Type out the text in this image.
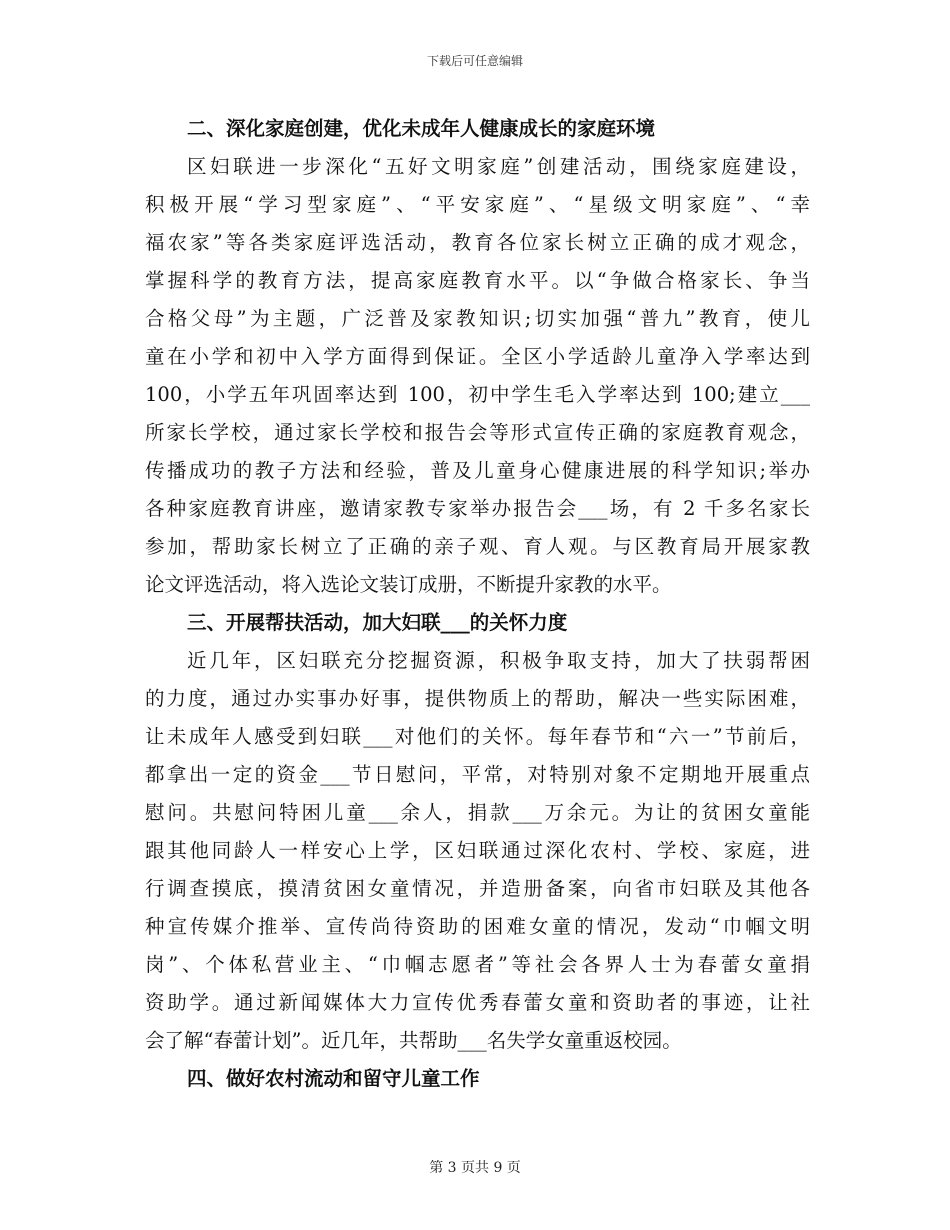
下载后可任意编辑
二、深化家庭创建，优化未成年人健康成长的家庭环境
区妇联进一步深化“五好文明家庭”创建活动，围绕家庭建设，
积极开展“学习型家庭”、“平安家庭”、“星级文明家庭”、“幸
福农家”等各类家庭评选活动，教育各位家长树立正确的成才观念，
掌握科学的教育方法，提高家庭教育水平。以“争做合格家长、争当
合格父母”为主题，广泛普及家教知识;切实加强“普九”教育，使儿
童在小学和初中入学方面得到保证。全区小学适龄儿童净入学率达到
100，小学五年巩固率达到 100，初中学生毛入学率达到 100;建立___
所家长学校，通过家长学校和报告会等形式宣传正确的家庭教育观念，
传播成功的教子方法和经验，普及儿童身心健康进展的科学知识;举办
各种家庭教育讲座，邀请家教专家举办报告会___场，有 2 千多名家长
参加，帮助家长树立了正确的亲子观、育人观。与区教育局开展家教
论文评选活动，将入选论文装订成册，不断提升家教的水平。
三、开展帮扶活动，加大妇联___的关怀力度
近几年，区妇联充分挖掘资源，积极争取支持，加大了扶弱帮困
的力度，通过办实事办好事，提供物质上的帮助，解决一些实际困难，
让未成年人感受到妇联___对他们的关怀。每年春节和“六一”节前后，
都拿出一定的资金___节日慰问，平常，对特别对象不定期地开展重点
慰问。共慰问特困儿童___余人，捐款___万余元。为让的贫困女童能
跟其他同龄人一样安心上学，区妇联通过深化农村、学校、家庭，进
行调查摸底，摸清贫困女童情况，并造册备案，向省市妇联及其他各
种宣传媒介推举、宣传尚待资助的困难女童的情况，发动“巾帼文明
岗”、个体私营业主、“巾帼志愿者”等社会各界人士为春蕾女童捐
资助学。通过新闻媒体大力宣传优秀春蕾女童和资助者的事迹，让社
会了解“春蕾计划”。近几年，共帮助___名失学女童重返校园。
四、做好农村流动和留守儿童工作
第 3 页共 9 页
